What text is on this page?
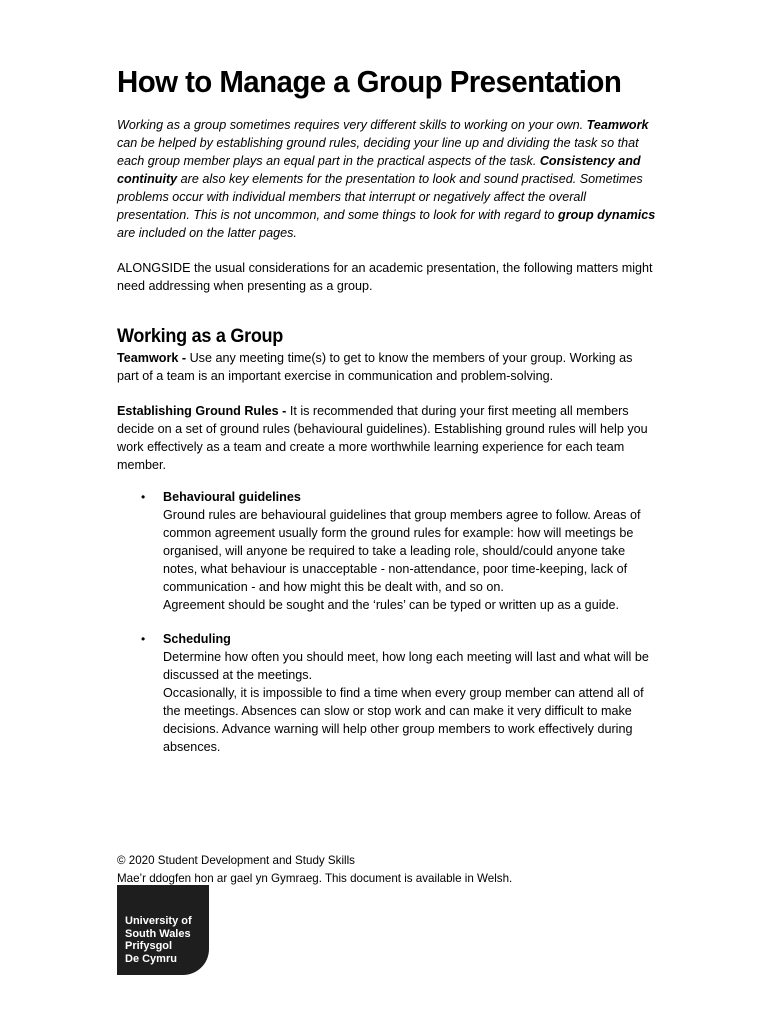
How to Manage a Group Presentation

Working as a group sometimes requires very different skills to working on your own. Teamwork can be helped by establishing ground rules, deciding your line up and dividing the task so that each group member plays an equal part in the practical aspects of the task. Consistency and continuity are also key elements for the presentation to look and sound practised. Sometimes problems occur with individual members that interrupt or negatively affect the overall presentation. This is not uncommon, and some things to look for with regard to group dynamics are included on the latter pages.

ALONGSIDE the usual considerations for an academic presentation, the following matters might need addressing when presenting as a group.

Working as a Group

Teamwork - Use any meeting time(s) to get to know the members of your group. Working as part of a team is an important exercise in communication and problem-solving.

Establishing Ground Rules - It is recommended that during your first meeting all members decide on a set of ground rules (behavioural guidelines). Establishing ground rules will help you work effectively as a team and create a more worthwhile learning experience for each team member.

• Behavioural guidelines
Ground rules are behavioural guidelines that group members agree to follow. Areas of common agreement usually form the ground rules for example: how will meetings be organised, will anyone be required to take a leading role, should/could anyone take notes, what behaviour is unacceptable - non-attendance, poor time-keeping, lack of communication - and how might this be dealt with, and so on.
Agreement should be sought and the ‘rules’ can be typed or written up as a guide.
• Scheduling
Determine how often you should meet, how long each meeting will last and what will be discussed at the meetings.
Occasionally, it is impossible to find a time when every group member can attend all of the meetings. Absences can slow or stop work and can make it very difficult to make decisions. Advance warning will help other group members to work effectively during absences.
© 2020 Student Development and Study Skills
Mae’r ddogfen hon ar gael yn Gymraeg. This document is available in Welsh.
University of
South Wales
Prifysgol
De Cymru
